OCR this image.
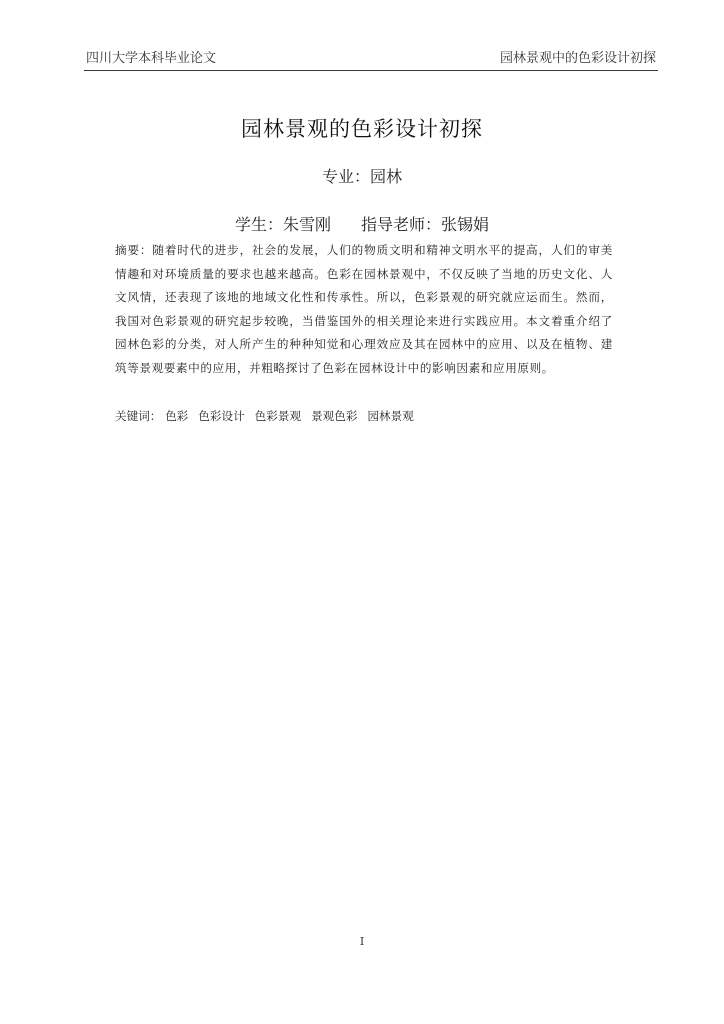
四川大学本科毕业论文	园林景观中的色彩设计初探
园林景观的色彩设计初探
专业：园林
学生：朱雪刚 指导老师：张锡娟
摘要：随着时代的进步，社会的发展，人们的物质文明和精神文明水平的提高，人们的审美情趣和对环境质量的要求也越来越高。色彩在园林景观中，不仅反映了当地的历史文化、人文风情，还表现了该地的地域文化性和传承性。所以，色彩景观的研究就应运而生。然而，我国对色彩景观的研究起步较晚，当借鉴国外的相关理论来进行实践应用。本文着重介绍了园林色彩的分类，对人所产生的种种知觉和心理效应及其在园林中的应用、以及在植物、建筑等景观要素中的应用，并粗略探讨了色彩在园林设计中的影响因素和应用原则。
关键词： 色彩 色彩设计 色彩景观 景观色彩 园林景观
I
